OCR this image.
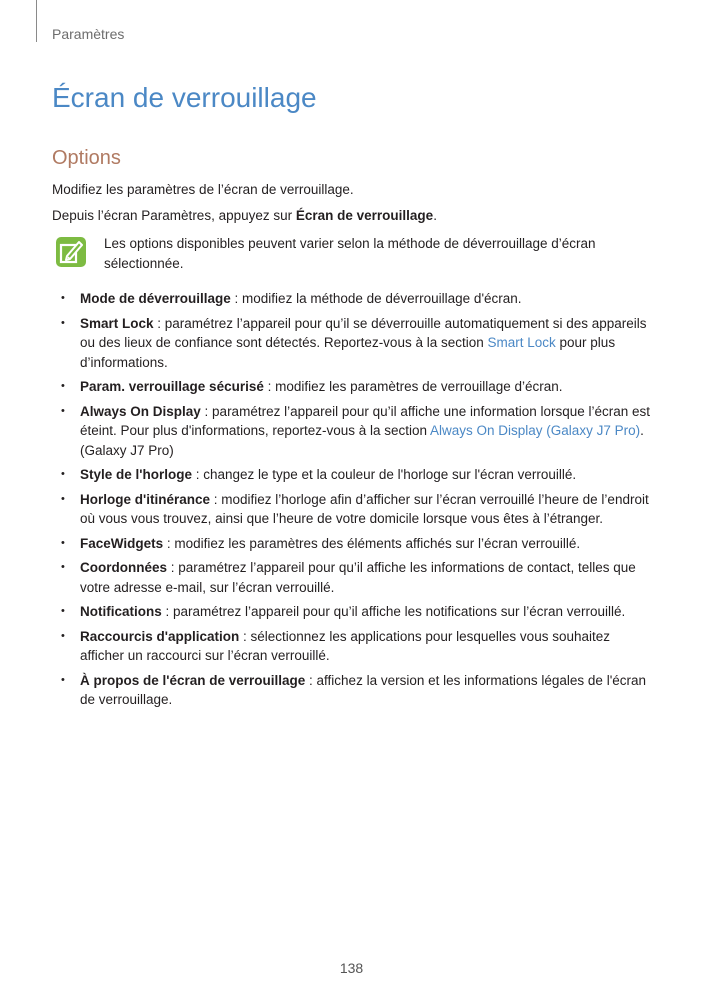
Paramètres
Écran de verrouillage
Options
Modifiez les paramètres de l’écran de verrouillage.
Depuis l’écran Paramètres, appuyez sur Écran de verrouillage.
Les options disponibles peuvent varier selon la méthode de déverrouillage d’écran sélectionnée.
• Mode de déverrouillage : modifiez la méthode de déverrouillage d'écran.
• Smart Lock : paramétrez l’appareil pour qu’il se déverrouille automatiquement si des appareils ou des lieux de confiance sont détectés. Reportez-vous à la section Smart Lock pour plus d’informations.
• Param. verrouillage sécurisé : modifiez les paramètres de verrouillage d’écran.
• Always On Display : paramétrez l’appareil pour qu’il affiche une information lorsque l’écran est éteint. Pour plus d'informations, reportez-vous à la section Always On Display (Galaxy J7 Pro). (Galaxy J7 Pro)
• Style de l'horloge : changez le type et la couleur de l'horloge sur l'écran verrouillé.
• Horloge d'itinérance : modifiez l’horloge afin d’afficher sur l’écran verrouillé l’heure de l’endroit où vous vous trouvez, ainsi que l’heure de votre domicile lorsque vous êtes à l’étranger.
• FaceWidgets : modifiez les paramètres des éléments affichés sur l’écran verrouillé.
• Coordonnées : paramétrez l’appareil pour qu’il affiche les informations de contact, telles que votre adresse e-mail, sur l’écran verrouillé.
• Notifications : paramétrez l’appareil pour qu’il affiche les notifications sur l’écran verrouillé.
• Raccourcis d'application : sélectionnez les applications pour lesquelles vous souhaitez afficher un raccourci sur l’écran verrouillé.
• À propos de l'écran de verrouillage : affichez la version et les informations légales de l'écran de verrouillage.
138
